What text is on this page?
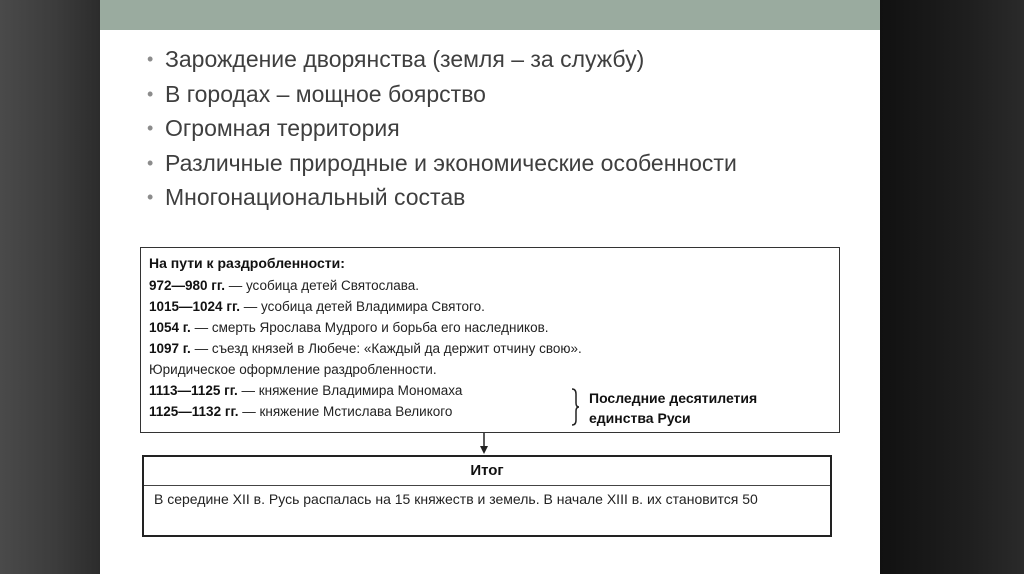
• Зарождение дворянства (земля – за службу)
• В городах – мощное боярство
• Огромная территория
• Различные природные и экономические особенности
• Многонациональный состав
На пути к раздробленности:
972—980 гг. — усобица детей Святослава.
1015—1024 гг. — усобица детей Владимира Святого.
1054 г. — смерть Ярослава Мудрого и борьба его наследников.
1097 г. — съезд князей в Любече: «Каждый да держит отчину свою».
Юридическое оформление раздробленности.
1113—1125 гг. — княжение Владимира Мономаха
1125—1132 гг. — княжение Мстислава Великого
Последние десятилетия
единства Руси
Итог
В середине XII в. Русь распалась на 15 княжеств и земель. В начале XIII в. их становится 50
